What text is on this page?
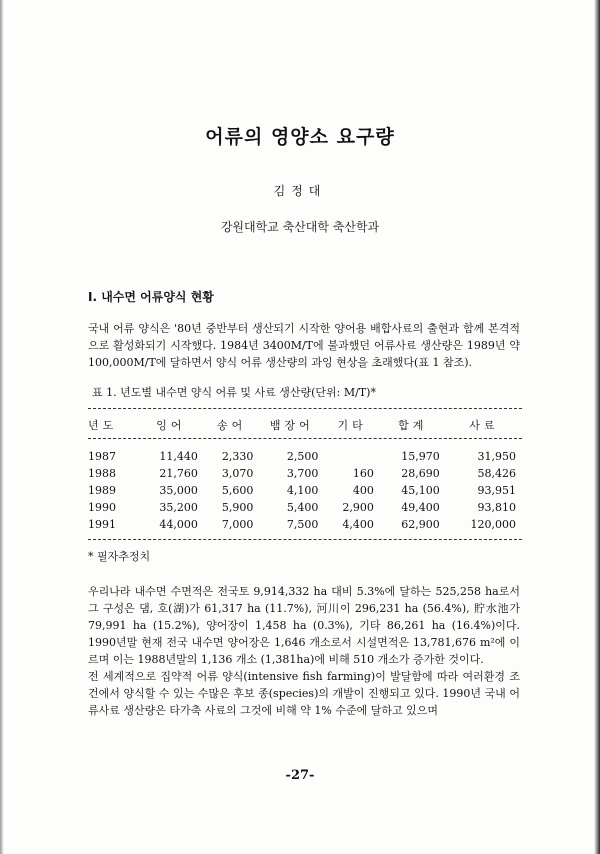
어류의 영양소 요구량
김정대
강원대학교 축산대학 축산학과
I. 내수면 어류양식 현황
국내 어류 양식은 '80년 중반부터 생산되기 시작한 양어용 배합사료의 출현과 함께 본격적으로 활성화되기 시작했다. 1984년 3400M/T에 불과했던 어류사료 생산량은 1989년 약 100,000M/T에 달하면서 양식 어류 생산량의 과잉 현상을 초래했다(표 1 참조).
표 1. 년도별 내수면 양식 어류 및 사료 생산량(단위: M/T)*
년도	잉어	송어	뱀장어	기타	합계	사료

1987	11,440	2,330	2,500		15,970	31,950
1988	21,760	3,070	3,700	160	28,690	58,426
1989	35,000	5,600	4,100	400	45,100	93,951
1990	35,200	5,900	5,400	2,900	49,400	93,810
1991	44,000	7,000	7,500	4,400	62,900	120,000
* 필자추정치
우리나라 내수면 수면적은 전국토 9,914,332 ha 대비 5.3%에 달하는 525,258 ha로서 그 구성은 댐, 호(湖)가 61,317 ha (11.7%), 河川이 296,231 ha (56.4%), 貯水池가 79,991 ha (15.2%), 양어장이 1,458 ha (0.3%), 기타 86,261 ha (16.4%)이다. 1990년말 현재 전국 내수면 양어장은 1,646 개소로서 시설면적은 13,781,676 m²에 이르며 이는 1988년말의 1,136 개소 (1,381ha)에 비해 510 개소가 증가한 것이다.
전 세계적으로 집약적 어류 양식(intensive fish farming)이 발달함에 따라 여러환경 조건에서 양식할 수 있는 수많은 후보 종(species)의 개발이 진행되고 있다. 1990년 국내 어류사료 생산량은 타가축 사료의 그것에 비해 약 1% 수준에 달하고 있으며
-27-
